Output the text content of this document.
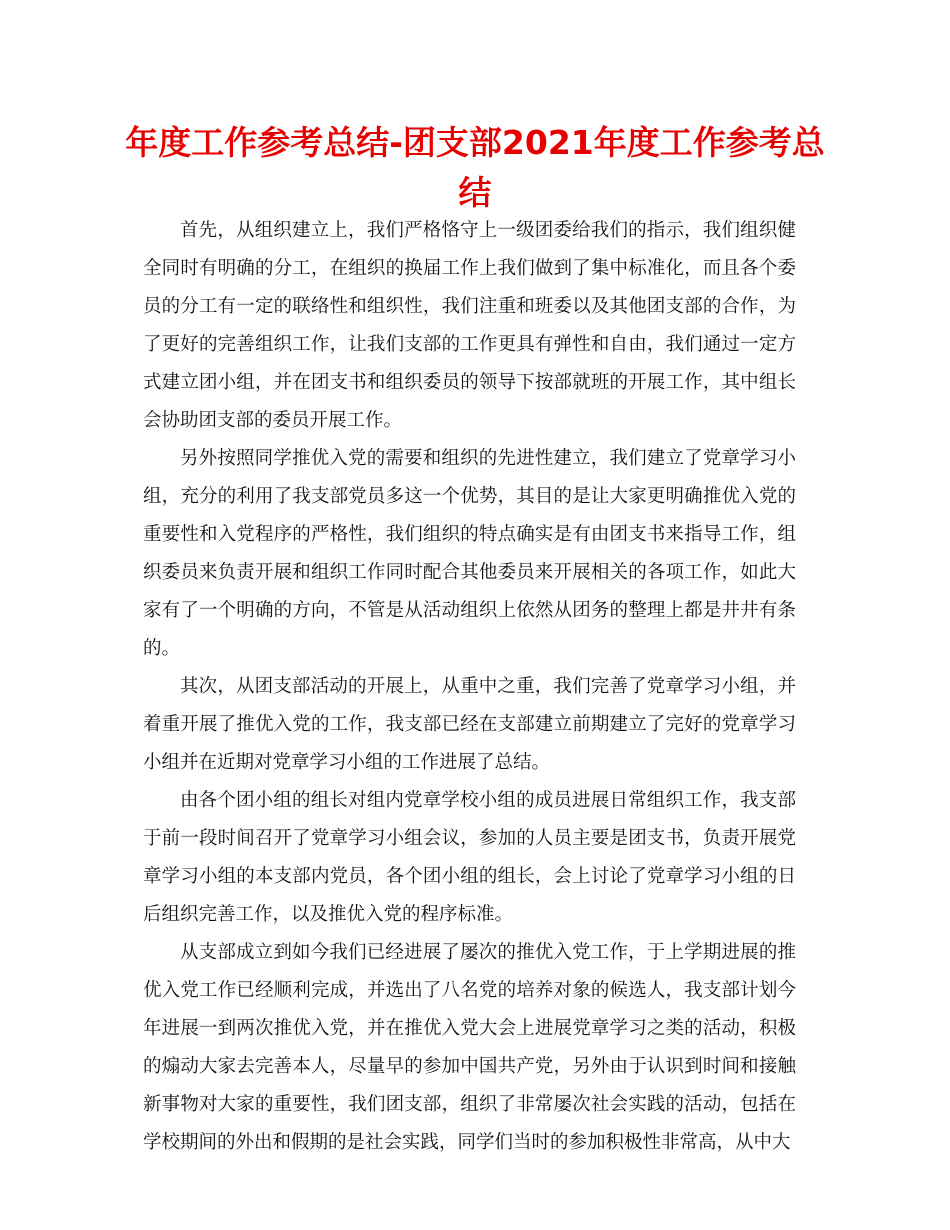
年度工作参考总结-团支部2021年度工作参考总结

首先，从组织建立上，我们严格恪守上一级团委给我们的指示，我们组织健全同时有明确的分工，在组织的换届工作上我们做到了集中标准化，而且各个委员的分工有一定的联络性和组织性，我们注重和班委以及其他团支部的合作，为了更好的完善组织工作，让我们支部的工作更具有弹性和自由，我们通过一定方式建立团小组，并在团支书和组织委员的领导下按部就班的开展工作，其中组长会协助团支部的委员开展工作。

另外按照同学推优入党的需要和组织的先进性建立，我们建立了党章学习小组，充分的利用了我支部党员多这一个优势，其目的是让大家更明确推优入党的重要性和入党程序的严格性，我们组织的特点确实是有由团支书来指导工作，组织委员来负责开展和组织工作同时配合其他委员来开展相关的各项工作，如此大家有了一个明确的方向，不管是从活动组织上依然从团务的整理上都是井井有条的。

其次，从团支部活动的开展上，从重中之重，我们完善了党章学习小组，并着重开展了推优入党的工作，我支部已经在支部建立前期建立了完好的党章学习小组并在近期对党章学习小组的工作进展了总结。

由各个团小组的组长对组内党章学校小组的成员进展日常组织工作，我支部于前一段时间召开了党章学习小组会议，参加的人员主要是团支书，负责开展党章学习小组的本支部内党员，各个团小组的组长，会上讨论了党章学习小组的日后组织完善工作，以及推优入党的程序标准。

从支部成立到如今我们已经进展了屡次的推优入党工作，于上学期进展的推优入党工作已经顺利完成，并选出了八名党的培养对象的候选人，我支部计划今年进展一到两次推优入党，并在推优入党大会上进展党章学习之类的活动，积极的煽动大家去完善本人，尽量早的参加中国共产党，另外由于认识到时间和接触新事物对大家的重要性，我们团支部，组织了非常屡次社会实践的活动，包括在学校期间的外出和假期的是社会实践，同学们当时的参加积极性非常高，从中大
